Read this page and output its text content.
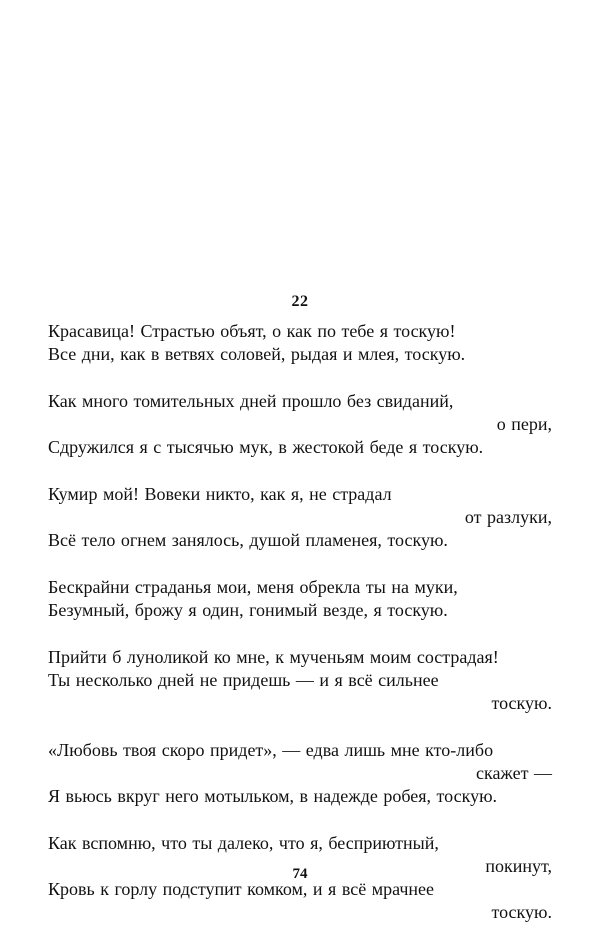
22
Красавица! Страстью объят, о как по тебе я тоскую!
Все дни, как в ветвях соловей, рыдая и млея, тоскую.
Как много томительных дней прошло без свиданий,
о пери,
Сдружился я с тысячью мук, в жестокой беде я тоскую.
Кумир мой! Вовеки никто, как я, не страдал
от разлуки,
Всё тело огнем занялось, душой пламенея, тоскую.
Бескрайни страданья мои, меня обрекла ты на муки,
Безумный, брожу я один, гонимый везде, я тоскую.
Прийти б луноликой ко мне, к мученьям моим сострадая!
Ты несколько дней не придешь — и я всё сильнее
тоскую.
«Любовь твоя скоро придет», — едва лишь мне кто-либо
скажет —
Я вьюсь вкруг него мотыльком, в надежде робея, тоскую.
Как вспомню, что ты далеко, что я, бесприютный,
покинут,
Кровь к горлу подступит комком, и я всё мрачнее
тоскую.
74
